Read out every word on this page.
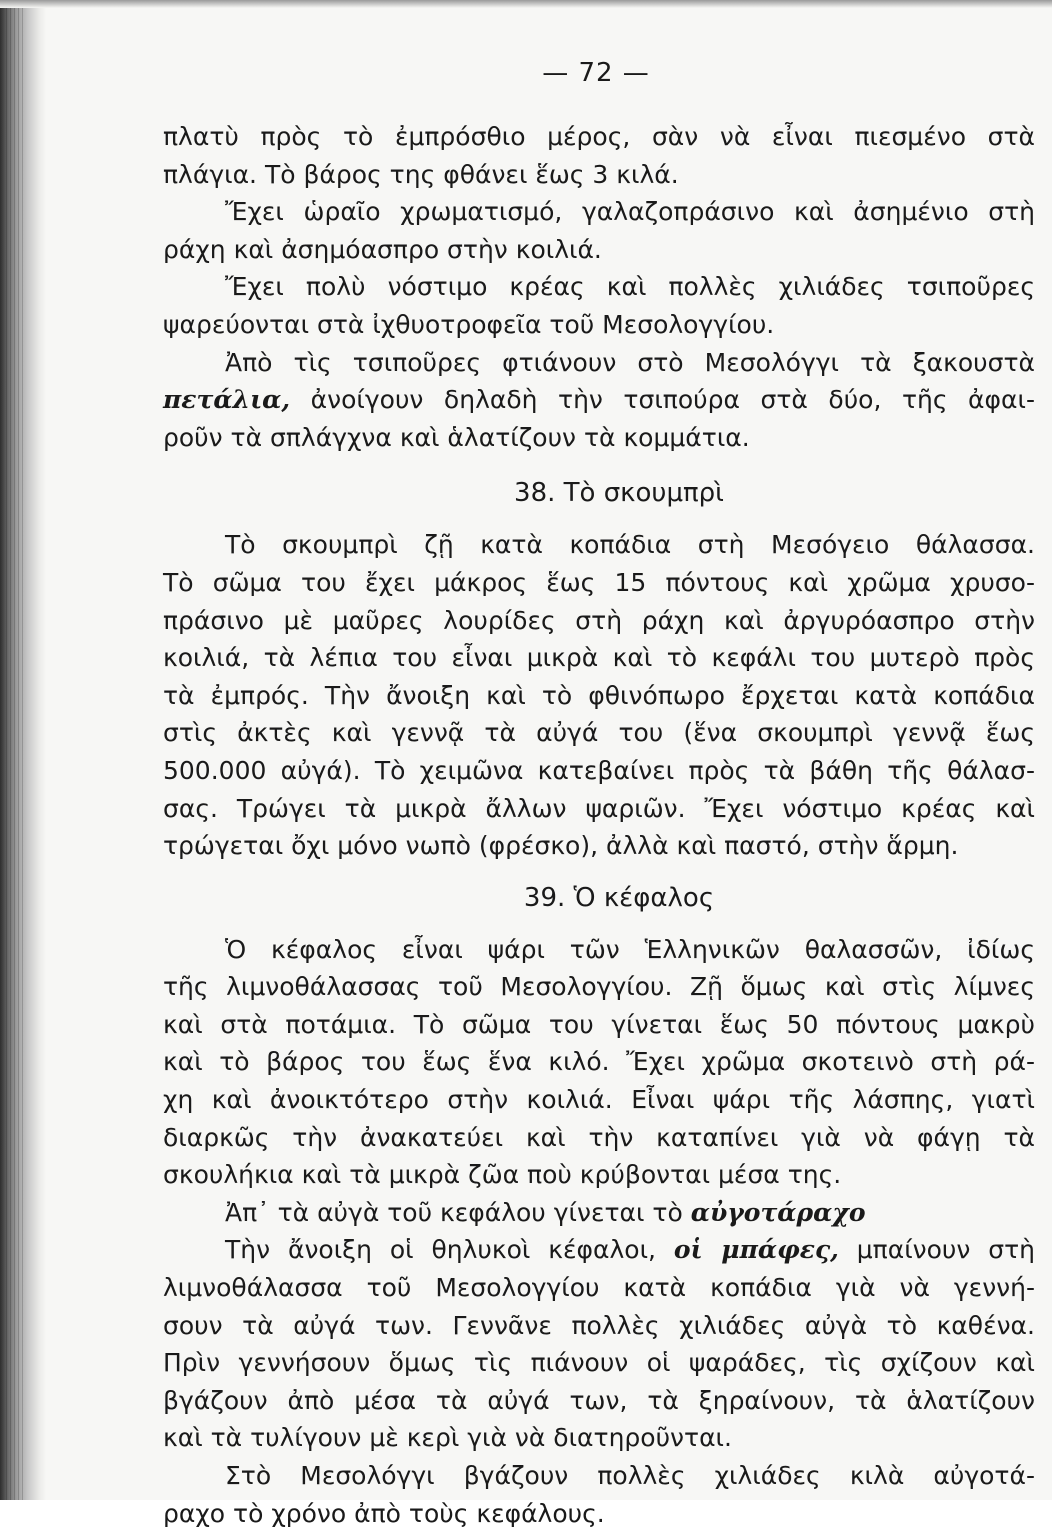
— 72 —
πλατὺ πρὸς τὸ ἐμπρόσθιο μέρος, σὰν νὰ εἶναι πιεσμένο στὰ
πλάγια. Τὸ βάρος της φθάνει ἕως 3 κιλά.
Ἔχει ὡραῖο χρωματισμό, γαλαζοπράσινο καὶ ἀσημένιο στὴ
ράχη καὶ ἀσημόασπρο στὴν κοιλιά.
Ἔχει πολὺ νόστιμο κρέας καὶ πολλὲς χιλιάδες τσιποῦρες
ψαρεύονται στὰ ἰχθυοτροφεῖα τοῦ Μεσολογγίου.
Ἀπὸ τὶς τσιποῦρες φτιάνουν στὸ Μεσολόγγι τὰ ξακουστὰ
πετάλια, ἀνοίγουν δηλαδὴ τὴν τσιπούρα στὰ δύο, τῆς ἀφαι-
ροῦν τὰ σπλάγχνα καὶ ἁλατίζουν τὰ κομμάτια.
38. Τὸ σκουμπρὶ
Τὸ σκουμπρὶ ζῇ κατὰ κοπάδια στὴ Μεσόγειο θάλασσα.
Τὸ σῶμα του ἔχει μάκρος ἕως 15 πόντους καὶ χρῶμα χρυσο-
πράσινο μὲ μαῦρες λουρίδες στὴ ράχη καὶ ἀργυρόασπρο στὴν
κοιλιά, τὰ λέπια του εἶναι μικρὰ καὶ τὸ κεφάλι του μυτερὸ πρὸς
τὰ ἐμπρός. Τὴν ἄνοιξη καὶ τὸ φθινόπωρο ἔρχεται κατὰ κοπάδια
στὶς ἀκτὲς καὶ γεννᾷ τὰ αὐγά του (ἕνα σκουμπρὶ γεννᾷ ἕως
500.000 αὐγά). Τὸ χειμῶνα κατεβαίνει πρὸς τὰ βάθη τῆς θάλασ-
σας. Τρώγει τὰ μικρὰ ἄλλων ψαριῶν. Ἔχει νόστιμο κρέας καὶ
τρώγεται ὄχι μόνο νωπὸ (φρέσκο), ἀλλὰ καὶ παστό, στὴν ἅρμη.
39. Ὁ κέφαλος
Ὁ κέφαλος εἶναι ψάρι τῶν Ἑλληνικῶν θαλασσῶν, ἰδίως
τῆς λιμνοθάλασσας τοῦ Μεσολογγίου. Ζῇ ὅμως καὶ στὶς λίμνες
καὶ στὰ ποτάμια. Τὸ σῶμα του γίνεται ἕως 50 πόντους μακρὺ
καὶ τὸ βάρος του ἕως ἕνα κιλό. Ἔχει χρῶμα σκοτεινὸ στὴ ρά-
χη καὶ ἀνοικτότερο στὴν κοιλιά. Εἶναι ψάρι τῆς λάσπης, γιατὶ
διαρκῶς τὴν ἀνακατεύει καὶ τὴν καταπίνει γιὰ νὰ φάγῃ τὰ
σκουλήκια καὶ τὰ μικρὰ ζῶα ποὺ κρύβονται μέσα της.
Ἀπ᾿ τὰ αὐγὰ τοῦ κεφάλου γίνεται τὸ αὐγοτάραχο
Τὴν ἄνοιξη οἱ θηλυκοὶ κέφαλοι, οἱ μπάφες, μπαίνουν στὴ
λιμνοθάλασσα τοῦ Μεσολογγίου κατὰ κοπάδια γιὰ νὰ γεννή-
σουν τὰ αὐγά των. Γεννᾶνε πολλὲς χιλιάδες αὐγὰ τὸ καθένα.
Πρὶν γεννήσουν ὅμως τὶς πιάνουν οἱ ψαράδες, τὶς σχίζουν καὶ
βγάζουν ἀπὸ μέσα τὰ αὐγά των, τὰ ξηραίνουν, τὰ ἁλατίζουν
καὶ τὰ τυλίγουν μὲ κερὶ γιὰ νὰ διατηροῦνται.
Στὸ Μεσολόγγι βγάζουν πολλὲς χιλιάδες κιλὰ αὐγοτά-
ραχο τὸ χρόνο ἀπὸ τοὺς κεφάλους.
